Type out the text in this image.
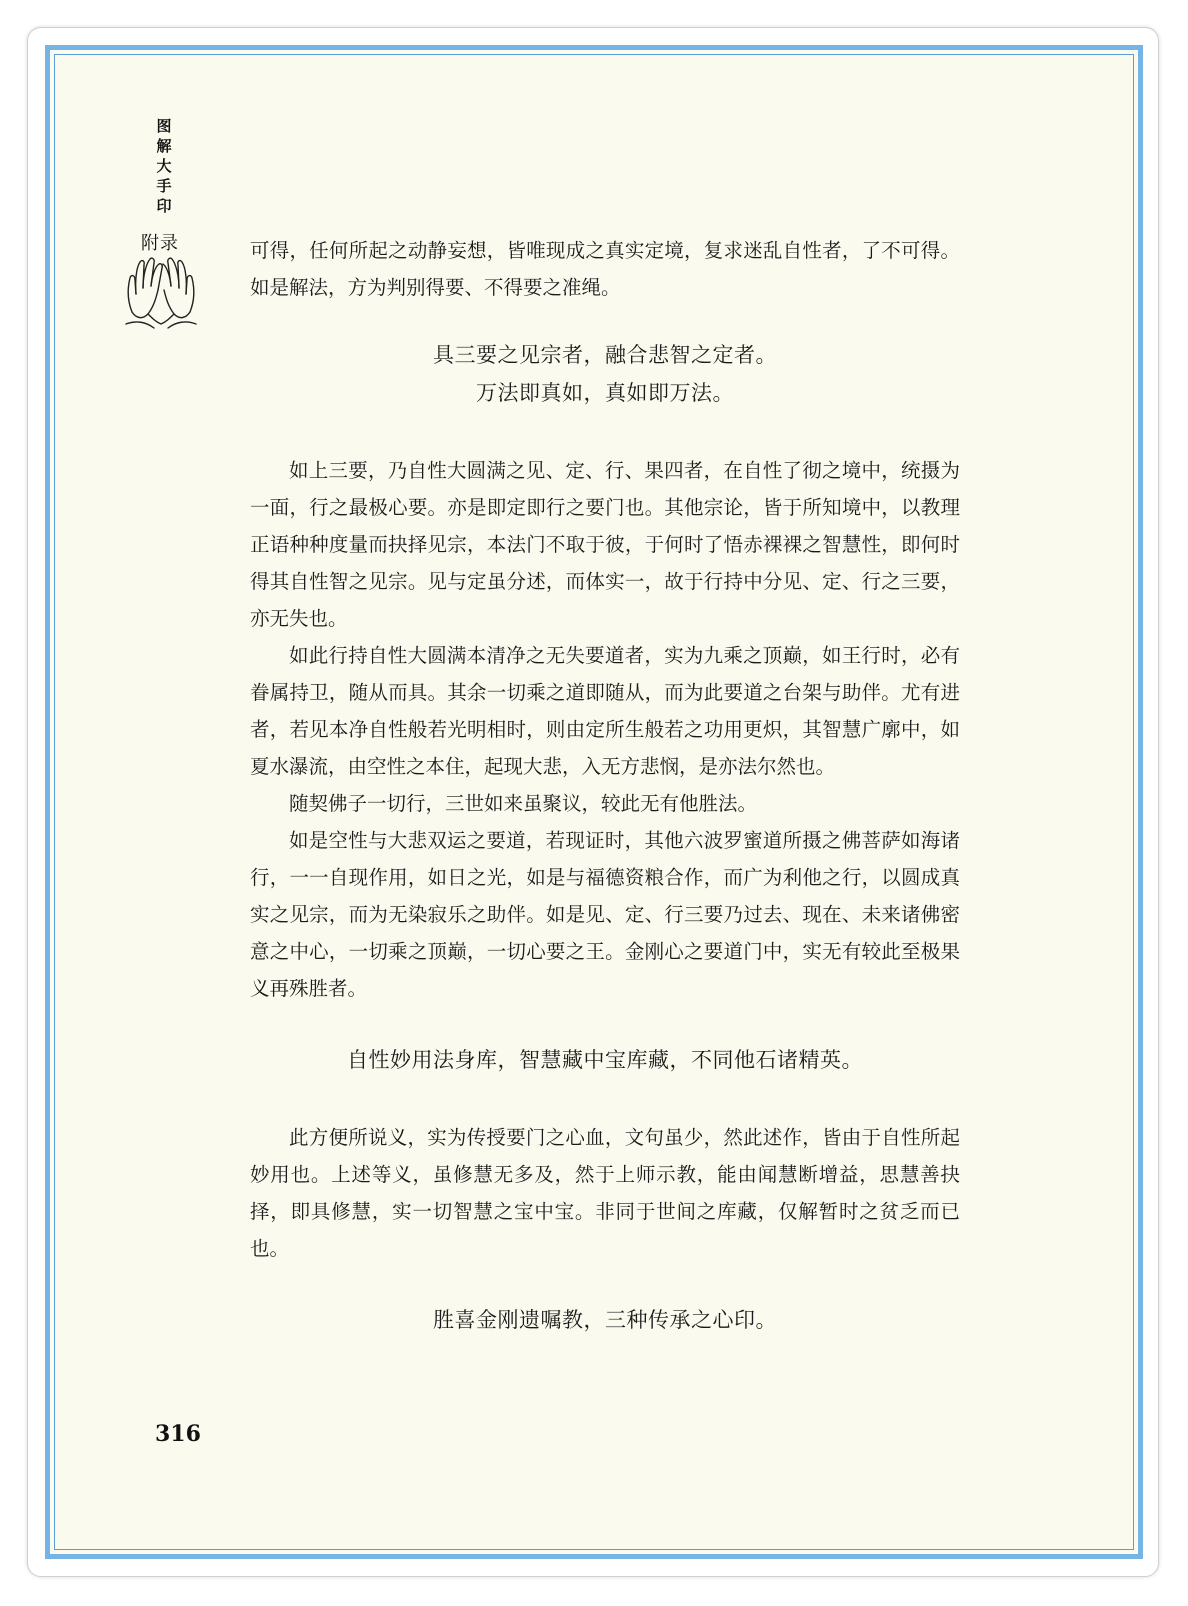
图
解
大
手
印
附录	可得，任何所起之动静妄想，皆唯现成之真实定境，复求迷乱自性者，了不可得。如是解法，方为判别得要、不得要之准绳。

具三要之见宗者，融合悲智之定者。
万法即真如，真如即万法。

如上三要，乃自性大圆满之见、定、行、果四者，在自性了彻之境中，统摄为一面，行之最极心要。亦是即定即行之要门也。其他宗论，皆于所知境中，以教理正语种种度量而抉择见宗，本法门不取于彼，于何时了悟赤裸裸之智慧性，即何时得其自性智之见宗。见与定虽分述，而体实一，故于行持中分见、定、行之三要，亦无失也。

如此行持自性大圆满本清净之无失要道者，实为九乘之顶巅，如王行时，必有眷属持卫，随从而具。其余一切乘之道即随从，而为此要道之台架与助伴。尤有进者，若见本净自性般若光明相时，则由定所生般若之功用更炽，其智慧广廓中，如夏水瀑流，由空性之本住，起现大悲，入无方悲悯，是亦法尔然也。

随契佛子一切行，三世如来虽聚议，较此无有他胜法。

如是空性与大悲双运之要道，若现证时，其他六波罗蜜道所摄之佛菩萨如海诸行，一一自现作用，如日之光，如是与福德资粮合作，而广为利他之行，以圆成真实之见宗，而为无染寂乐之助伴。如是见、定、行三要乃过去、现在、未来诸佛密意之中心，一切乘之顶巅，一切心要之王。金刚心之要道门中，实无有较此至极果义再殊胜者。

自性妙用法身库，智慧藏中宝库藏，不同他石诸精英。

此方便所说义，实为传授要门之心血，文句虽少，然此述作，皆由于自性所起妙用也。上述等义，虽修慧无多及，然于上师示教，能由闻慧断增益，思慧善抉择，即具修慧，实一切智慧之宝中宝。非同于世间之库藏，仅解暂时之贫乏而已也。

胜喜金刚遗嘱教，三种传承之心印。
316
